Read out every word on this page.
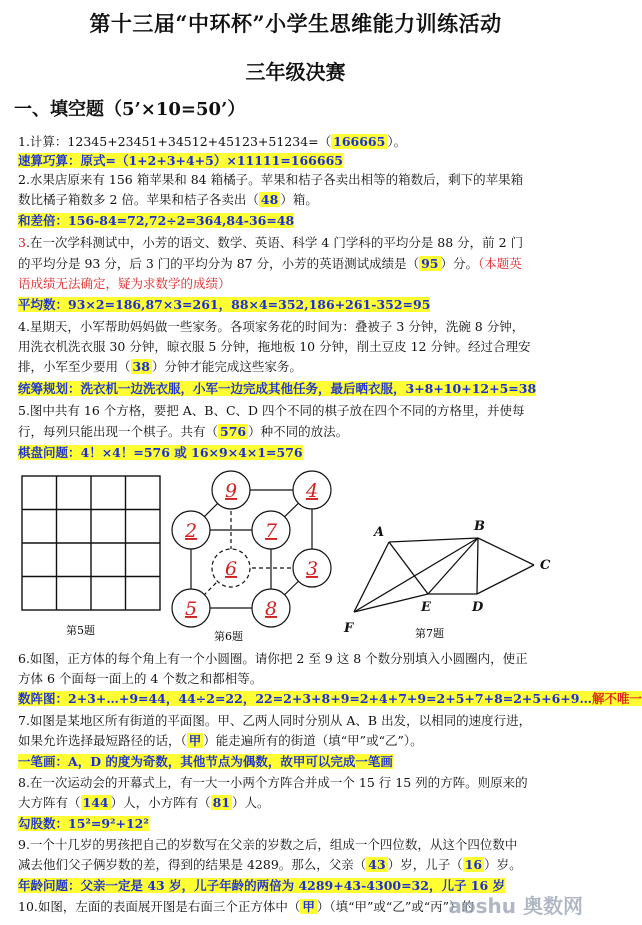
第十三届“中环杯”小学生思维能力训练活动
三年级决赛
一、填空题（5’×10=50’）
1.计算：12345+23451+34512+45123+51234=（ 166665 ）。
速算巧算：原式=（1+2+3+4+5）×11111=166665
2.水果店原来有 156 箱苹果和 84 箱橘子。苹果和桔子各卖出相等的箱数后，剩下的苹果箱
数比橘子箱数多 2 倍。苹果和桔子各卖出（ 48 ）箱。
和差倍：156-84=72,72÷2=364,84-36=48
3.在一次学科测试中，小芳的语文、数学、英语、科学 4 门学科的平均分是 88 分，前 2 门
的平均分是 93 分，后 3 门的平均分为 87 分，小芳的英语测试成绩是（ 95 ）分。（本题英
语成绩无法确定，疑为求数学的成绩）
平均数：93×2=186,87×3=261，88×4=352,186+261-352=95
4.星期天，小军帮助妈妈做一些家务。各项家务花的时间为：叠被子 3 分钟，洗碗 8 分钟，
用洗衣机洗衣服 30 分钟，晾衣服 5 分钟，拖地板 10 分钟，削土豆皮 12 分钟。经过合理安
排，小军至少要用（ 38 ）分钟才能完成这些家务。
统筹规划：洗衣机一边洗衣服，小军一边完成其他任务，最后晒衣服，3+8+10+12+5=38
5.图中共有 16 个方格，要把 A、B、C、D 四个不同的棋子放在四个不同的方格里，并使每
行，每列只能出现一个棋子。共有（ 576 ）种不同的放法。
棋盘问题：4！×4！=576 或 16×9×4×1=576
第5题
9	4
2	7
6	3
5	8
第6题
A	B
C
D
E
F	第7题
6.如图，正方体的每个角上有一个小圆圈。请你把 2 至 9 这 8 个数分别填入小圆圈内，使正
方体 6 个面每一面上的 4 个数之和都相等。
数阵图：2+3+…+9=44，44÷2=22，22=2+3+8+9=2+4+7+9=2+5+7+8=2+5+6+9…解不唯一
7.如图是某地区所有街道的平面图。甲、乙两人同时分别从 A、B 出发，以相同的速度行进，
如果允许选择最短路径的话，（ 甲 ）能走遍所有的街道（填“甲”或“乙”）。
一笔画：A，D 的度为奇数，其他节点为偶数，故甲可以完成一笔画
8.在一次运动会的开幕式上，有一大一小两个方阵合并成一个 15 行 15 列的方阵。则原来的
大方阵有（ 144 ）人，小方阵有（ 81 ）人。
勾股数：15²=9²+12²
9.一个十几岁的男孩把自己的岁数写在父亲的岁数之后，组成一个四位数，从这个四位数中
减去他们父子俩岁数的差，得到的结果是 4289。那么，父亲（ 43 ）岁，儿子（ 16 ）岁。
年龄问题：父亲一定是 43 岁，儿子年龄的两倍为 4289+43-4300=32，儿子 16 岁
10.如图，左面的表面展开图是右面三个正方体中（ 甲 ）（填“甲”或“乙”或“丙”）的
aoshu 奥数网
